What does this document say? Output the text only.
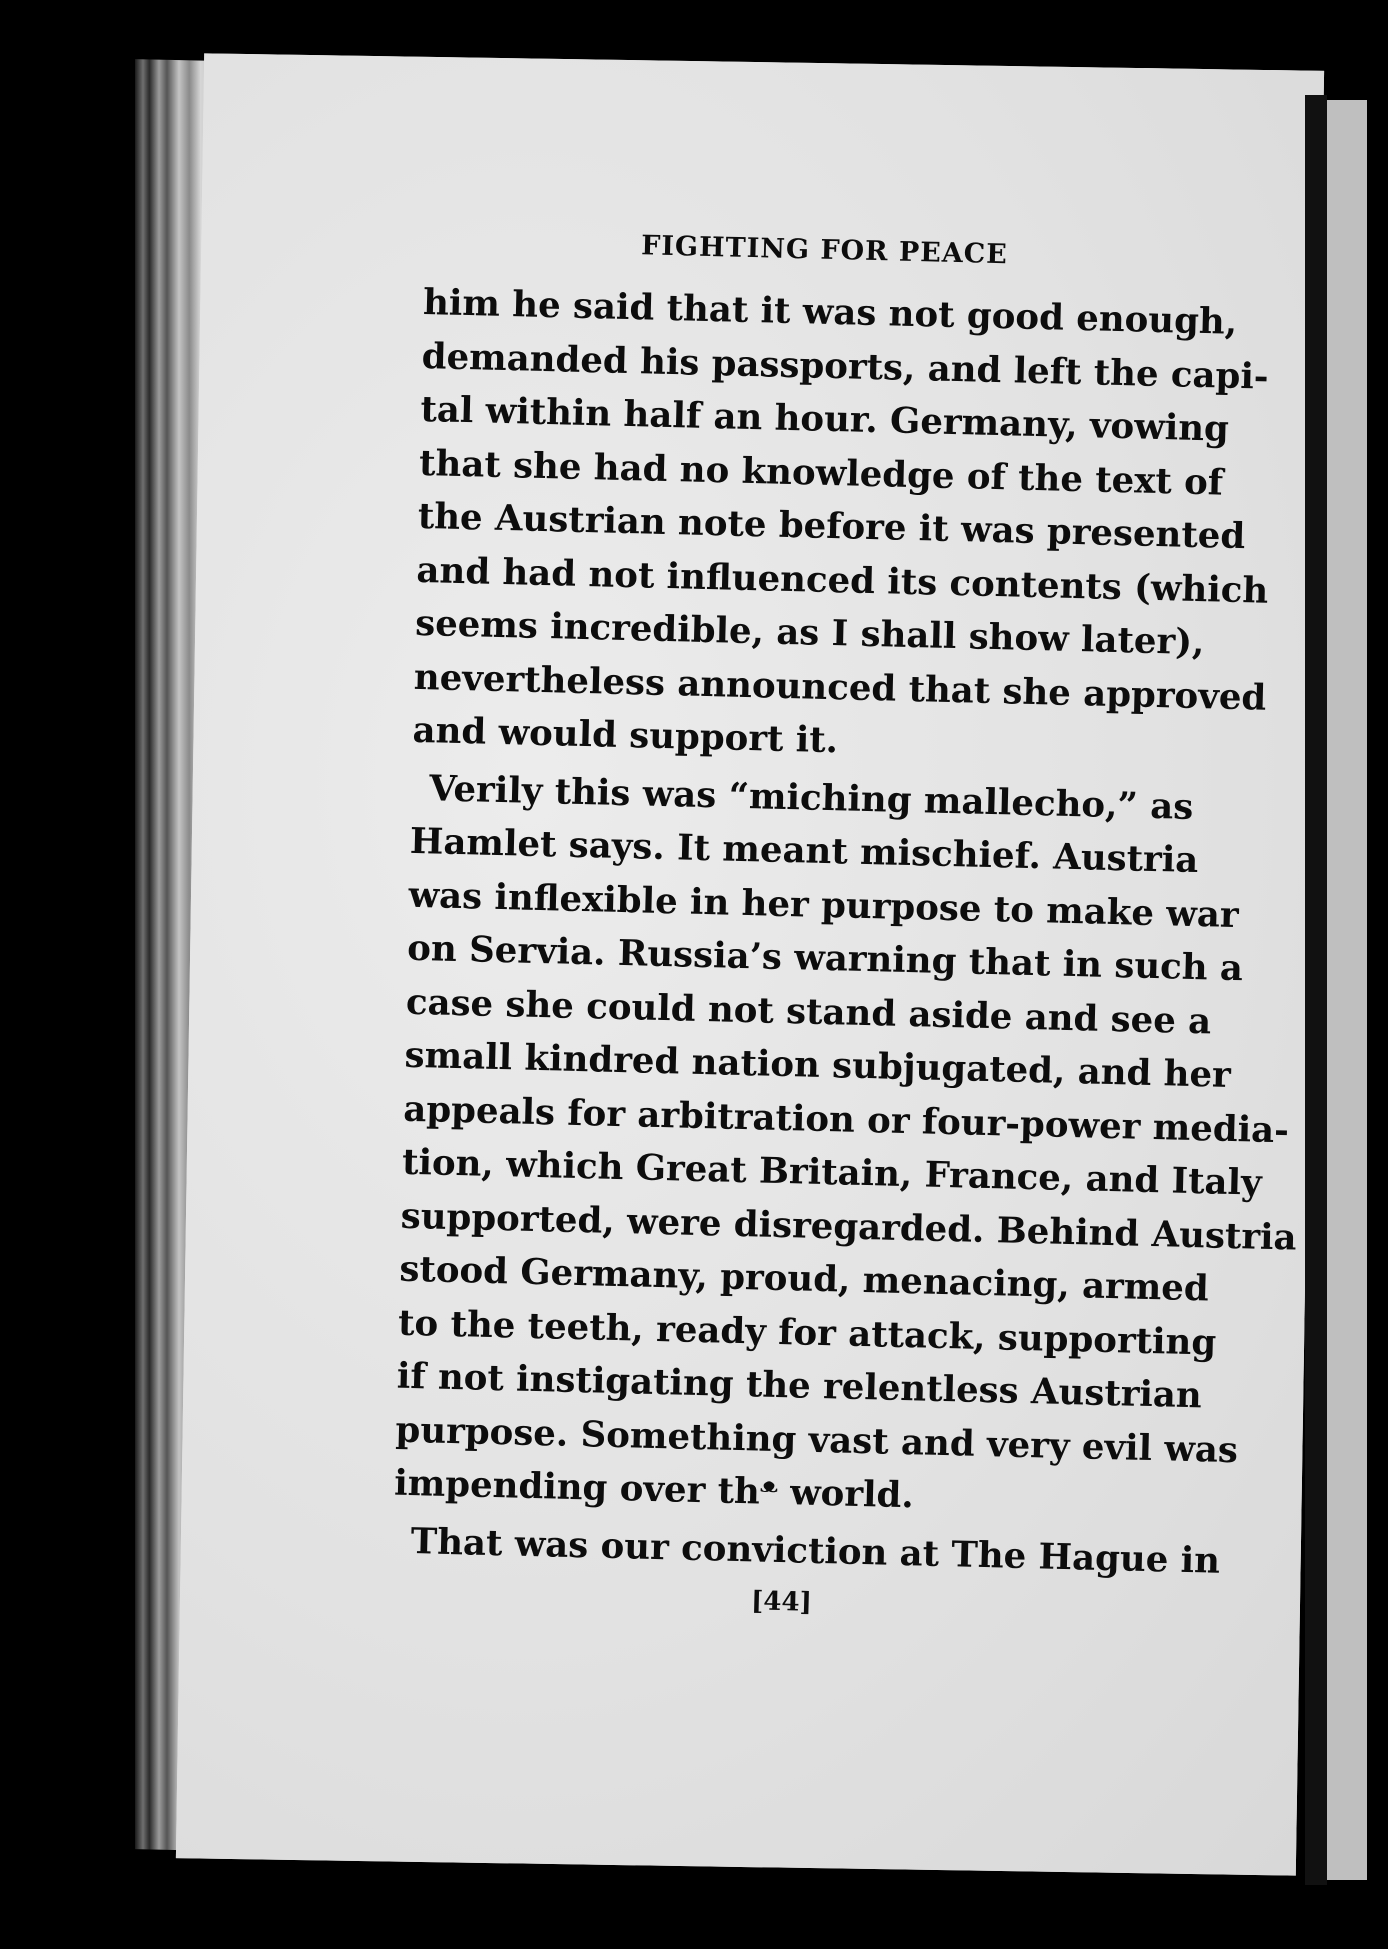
FIGHTING FOR PEACE
him he said that it was not good enough,
demanded his passports, and left the capi-
tal within half an hour. Germany, vowing
that she had no knowledge of the text of
the Austrian note before it was presented
and had not influenced its contents (which
seems incredible, as I shall show later),
nevertheless announced that she approved
and would support it.
Verily this was “miching mallecho,” as
Hamlet says. It meant mischief. Austria
was inflexible in her purpose to make war
on Servia. Russia’s warning that in such a
case she could not stand aside and see a
small kindred nation subjugated, and her
appeals for arbitration or four-power media-
tion, which Great Britain, France, and Italy
supported, were disregarded. Behind Austria
stood Germany, proud, menacing, armed
to the teeth, ready for attack, supporting
if not instigating the relentless Austrian
purpose. Something vast and very evil was
impending over thᵜ world.
That was our conviction at The Hague in
[44]
